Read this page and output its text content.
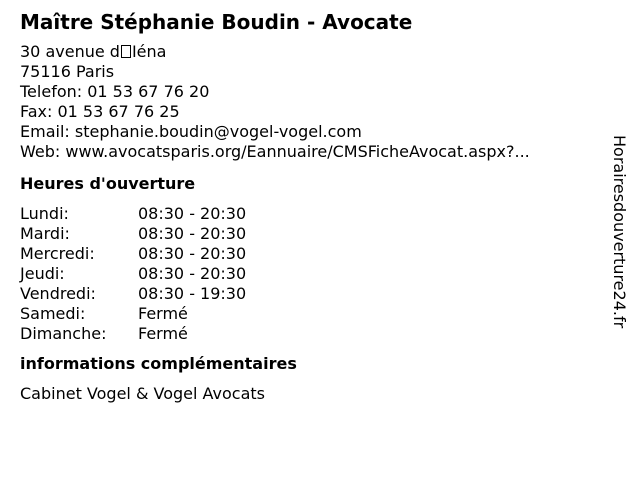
Maître Stéphanie Boudin - Avocate
30 avenue d Iéna
75116 Paris
Telefon: 01 53 67 76 20
Fax: 01 53 67 76 25
Email: stephanie.boudin@vogel-vogel.com
Web: www.avocatsparis.org/Eannuaire/CMSFicheAvocat.aspx?...
Heures d'ouverture
Lundi:	08:30 - 20:30
Mardi:	08:30 - 20:30
Mercredi:	08:30 - 20:30
Jeudi:	08:30 - 20:30
Vendredi:	08:30 - 19:30
Samedi:	Fermé
Dimanche:	Fermé
informations complémentaires
Cabinet Vogel & Vogel Avocats
Horairesdouverture24.fr
